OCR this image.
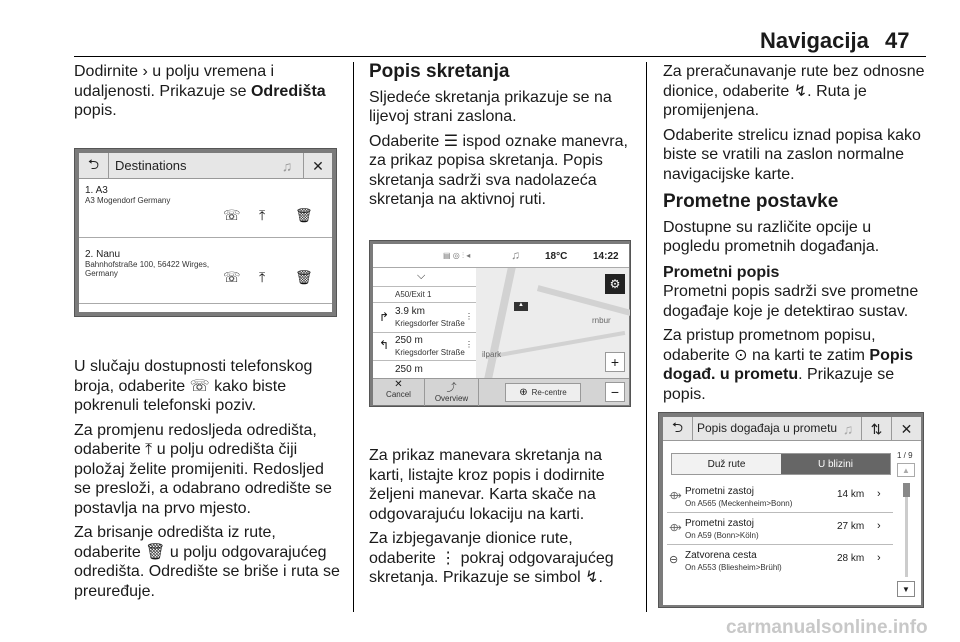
Navigacija 47

Dodirnite › u polju vremena i udaljenosti. Prikazuje se Odredišta popis.

⮌	Destinations	♫	✕
1. A3
A3 Mogendorf Germany
☏ ⤒ 🗑
2. Nanu
Bahnhofstraße 100, 56422 Wirges,
Germany	☏ ⤒ 🗑

U slučaju dostupnosti telefonskog broja, odaberite ☏ kako biste pokrenuli telefonski poziv.

Za promjenu redosljeda odredišta, odaberite ⤒ u polju odredišta čiji položaj želite promijeniti. Redosljed se presloži, a odabrano odredište se postavlja na prvo mjesto.

Za brisanje odredišta iz rute, odaberite 🗑 u polju odgovarajućeg odredišta. Odredište se briše i ruta se preuređuje.

Popis skretanja

Sljedeće skretanja prikazuje se na lijevoj strani zaslona.

Odaberite ☰ ispod oznake manevra, za prikaz popisa skretanja. Popis skretanja sadrži sva nadolazeća skretanja na aktivnoj ruti.

▤ ◎ ⫶ ◂	♫	18°C	14:22
⌵
A50/Exit 1
↱ 3.9 km
Kriegsdorfer Straße
⋮
↰ 250 m
Kriegsdorfer Straße
⋮
250 m
rnbur
ilpark
▲
⚙
+
✕
Cancel
⤴
Overview
⊕ Re-centre	−

Za prikaz manevara skretanja na karti, listajte kroz popis i dodirnite željeni manevar. Karta skače na odgovarajuću lokaciju na karti.

Za izbjegavanje dionice rute, odaberite ⋮ pokraj odgovarajućeg skretanja. Prikazuje se simbol ↯.

Za preračunavanje rute bez odnosne dionice, odaberite ↯. Ruta je promijenjena.

Odaberite strelicu iznad popisa kako biste se vratili na zaslon normalne navigacijske karte.

Prometne postavke

Dostupne su različite opcije u pogledu prometnih događanja.

Prometni popis

Prometni popis sadrži sve prometne događaje koje je detektirao sustav.

Za pristup prometnom popisu, odaberite ⊙ na karti te zatim Popis događ. u prometu. Prikazuje se popis.

⮌	Popis događaja u prometu ♫	⇅	✕
Duž rute	U blizini
1 / 9
▲
▼
⟴ Prometni zastoj
On A565 (Meckenheim>Bonn)
14 km ›
⟴ Prometni zastoj
On A59 (Bonn>Köln)
27 km ›
⊖ Zatvorena cesta
On A553 (Bliesheim>Brühl)
28 km ›
carmanualsonline.info
